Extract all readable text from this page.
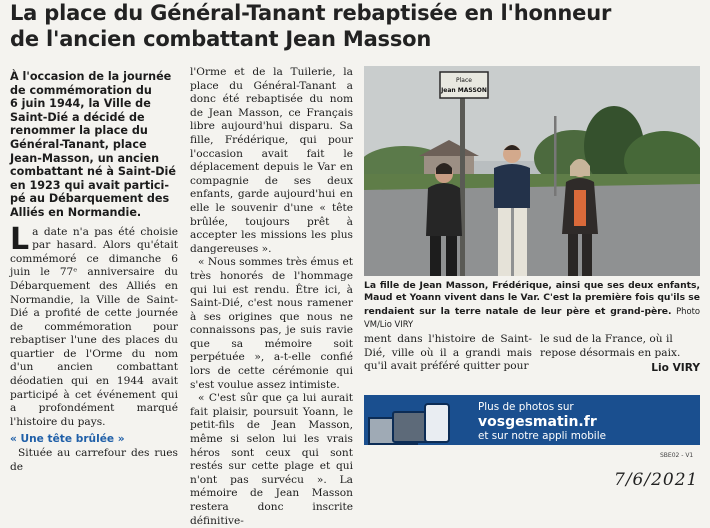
La place du Général-Tanant rebaptisée en l'honneur
de l'ancien combattant Jean Masson

À l'occasion de la journée

de commémoration du

6 juin 1944, la Ville de

Saint-Dié a décidé de

renommer la place du

Général-Tanant, place

Jean-Masson, un ancien

combattant né à Saint-Dié

en 1923 qui avait partici-

pé au Débarquement des

Alliés en Normandie.

La date n'a pas été choisie par hasard. Alors qu'était commémoré ce dimanche 6 juin le 77ᵉ anniversaire du Débarquement des Alliés en Normandie, la Ville de Saint-Dié a profité de cette journée de commémoration pour rebaptiser l'une des places du quartier de l'Orme du nom d'un ancien combattant déodatien qui en 1944 avait participé à cet événement qui a profondément marqué l'histoire du pays.

« Une tête brûlée »

Située au carrefour des rues de

l'Orme et de la Tuilerie, la place du Général-Tanant a donc été rebaptisée du nom de Jean Masson, ce Français libre aujourd'hui disparu. Sa fille, Frédérique, qui pour l'occasion avait fait le déplacement depuis le Var en compagnie de ses deux enfants, garde aujourd'hui en elle le souvenir d'une « tête brûlée, toujours prêt à accepter les missions les plus dangereuses ».

« Nous sommes très émus et très honorés de l'hommage qui lui est rendu. Être ici, à Saint-Dié, c'est nous ramener à ses origines que nous ne connaissons pas, je suis ravie que sa mémoire soit perpétuée », a-t-elle confié lors de cette cérémonie qui s'est voulue assez intimiste.

« C'est sûr que ça lui aurait fait plaisir, poursuit Yoann, le petit-fils de Jean Masson, même si selon lui les vrais héros sont ceux qui sont restés sur cette plage et qui n'ont pas survécu ». La mémoire de Jean Masson restera donc inscrite définitive-

Place
Jean MASSON
La fille de Jean Masson, Frédérique, ainsi que ses deux enfants, Maud et Yoann vivent dans le Var. C'est la première fois qu'ils se rendaient sur la terre natale de leur père et grand-père. Photo VM/Lio VIRY
ment dans l'histoire de Saint-Dié, ville où il a grandi mais qu'il avait préféré quitter pour
le sud de la France, où il repose désormais en paix.
Lio VIRY
Plus de photos sur
vosgesmatin.fr
et sur notre appli mobile
SBE02 - V1
7/6/2021
